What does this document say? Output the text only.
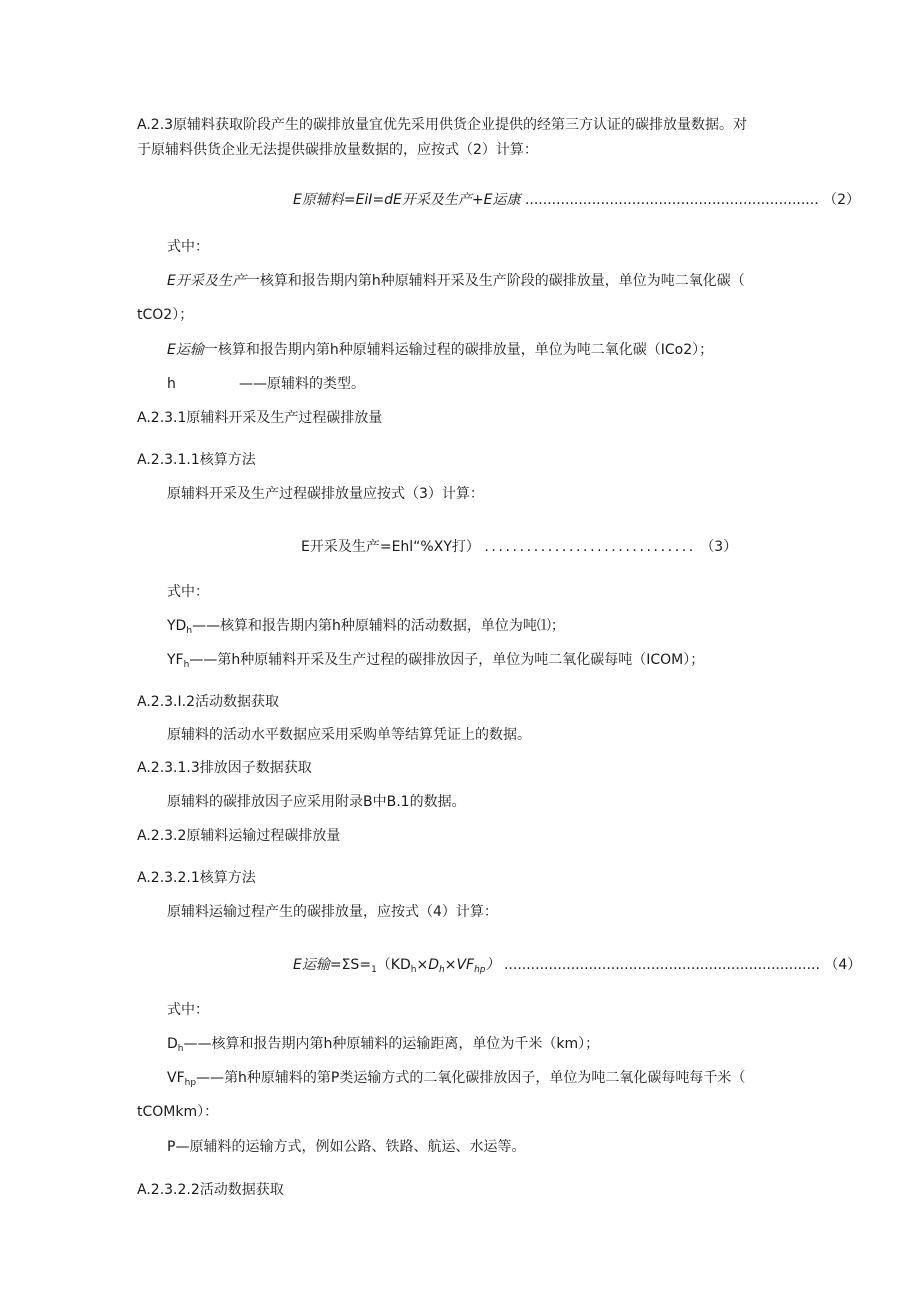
A.2.3原辅料获取阶段产生的碳排放量宜优先采用供货企业提供的经第三方认证的碳排放量数据。对
于原辅料供货企业无法提供碳排放量数据的，应按式（2）计算：
E原辅料=EiI=dE开采及生产+E运康 .................................................................. （2）
式中：
E开采及生产一核算和报告期内第h种原辅料开采及生产阶段的碳排放量，单位为吨二氧化碳（
tCO2）；
E运输一核算和报告期内第h种原辅料运输过程的碳排放量，单位为吨二氧化碳（ICo2）；
h	——原辅料的类型。
A.2.3.1原辅料开采及生产过程碳排放量
A.2.3.1.1核算方法
原辅料开采及生产过程碳排放量应按式（3）计算：
E开采及生产=Ehl“%XY打） .............................. （3）
式中：
$YD_h——$核算和报告期内第h种原辅料的活动数据，单位为吨⑴；
$YF_h——$第h种原辅料开采及生产过程的碳排放因子，单位为吨二氧化碳每吨（ICOM）；
A.2.3.I.2活动数据获取
原辅料的活动水平数据应采用采购单等结算凭证上的数据。
A.2.3.1.3排放因子数据获取
原辅料的碳排放因子应采用附录B中B.1的数据。
A.2.3.2原辅料运输过程碳排放量
A.2.3.2.1核算方法
原辅料运输过程产生的碳排放量，应按式（4）计算：
E运输$=\Sigma S=_1(KD_h\times D_h\times VF_{hp})$ ....................................................................... （4）
式中：
$D_h——$核算和报告期内第h种原辅料的运输距离，单位为千米（km）；
$VF_{hp}——$第h种原辅料的第P类运输方式的二氧化碳排放因子，单位为吨二氧化碳每吨每千米（
tCOMkm）：
P—原辅料的运输方式，例如公路、铁路、航运、水运等。
A.2.3.2.2活动数据获取
